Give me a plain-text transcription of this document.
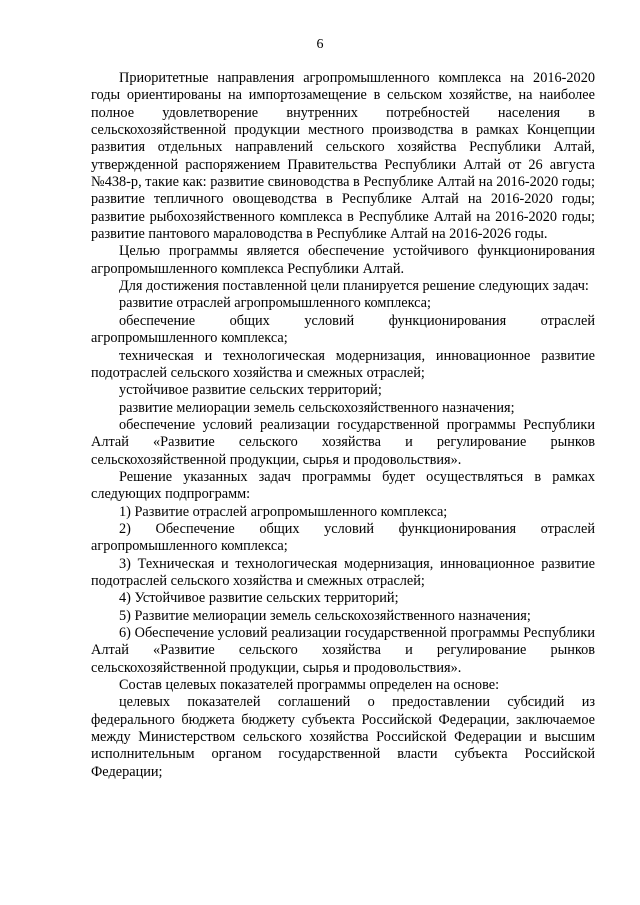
6

Приоритетные направления агропромышленного комплекса на 2016-2020 годы ориентированы на импортозамещение в сельском хозяйстве, на наиболее полное удовлетворение внутренних потребностей населения в сельскохозяйственной продукции местного производства в рамках Концепции развития отдельных направлений сельского хозяйства Республики Алтай, утвержденной распоряжением Правительства Республики Алтай от 26 августа №438-р, такие как: развитие свиноводства в Республике Алтай на 2016-2020 годы; развитие тепличного овощеводства в Республике Алтай на 2016-2020 годы; развитие рыбохозяйственного комплекса в Республике Алтай на 2016-2020 годы; развитие пантового мараловодства в Республике Алтай на 2016-2026 годы.

Целью программы является обеспечение устойчивого функционирования агропромышленного комплекса Республики Алтай.

Для достижения поставленной цели планируется решение следующих задач:

развитие отраслей агропромышленного комплекса;

обеспечение общих условий функционирования отраслей агропромышленного комплекса;

техническая и технологическая модернизация, инновационное развитие подотраслей сельского хозяйства и смежных отраслей;

устойчивое развитие сельских территорий;

развитие мелиорации земель сельскохозяйственного назначения;

обеспечение условий реализации государственной программы Республики Алтай «Развитие сельского хозяйства и регулирование рынков сельскохозяйственной продукции, сырья и продовольствия».

Решение указанных задач программы будет осуществляться в рамках следующих подпрограмм:

1) Развитие отраслей агропромышленного комплекса;

2) Обеспечение общих условий функционирования отраслей агропромышленного комплекса;

3) Техническая и технологическая модернизация, инновационное развитие подотраслей сельского хозяйства и смежных отраслей;

4) Устойчивое развитие сельских территорий;

5) Развитие мелиорации земель сельскохозяйственного назначения;

6) Обеспечение условий реализации государственной программы Республики Алтай «Развитие сельского хозяйства и регулирование рынков сельскохозяйственной продукции, сырья и продовольствия».

Состав целевых показателей программы определен на основе:

целевых показателей соглашений о предоставлении субсидий из федерального бюджета бюджету субъекта Российской Федерации, заключаемое между Министерством сельского хозяйства Российской Федерации и высшим исполнительным органом государственной власти субъекта Российской Федерации;
